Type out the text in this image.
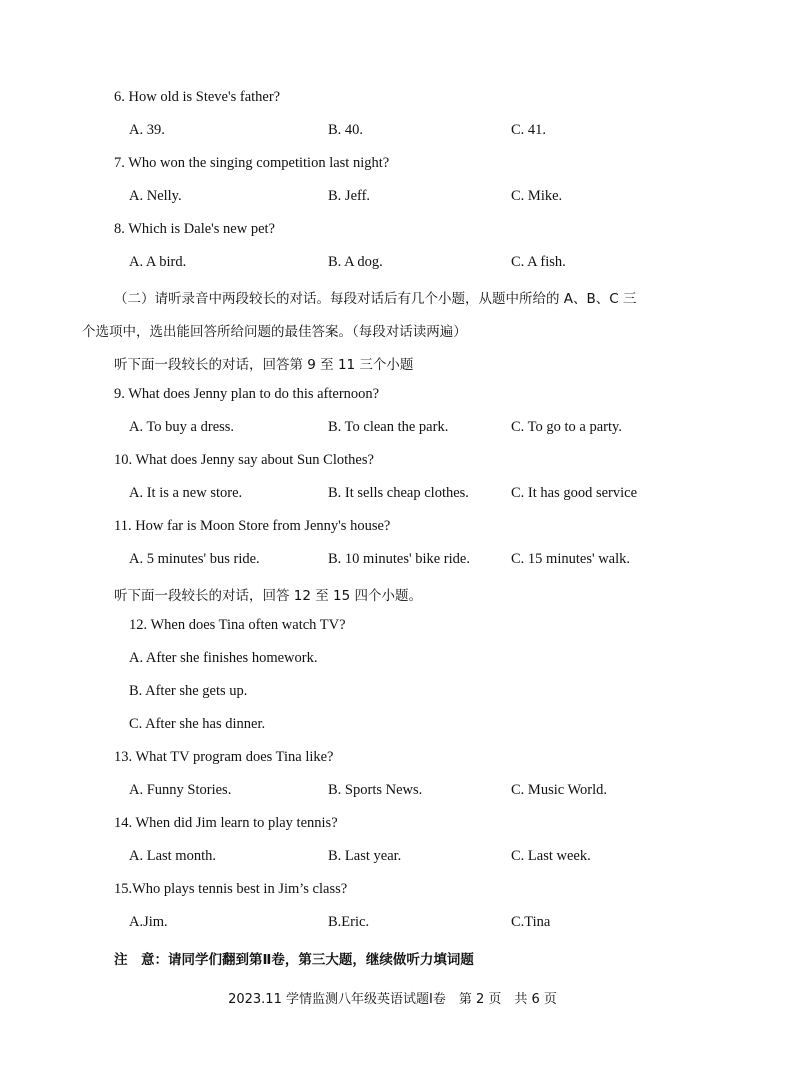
6. How old is Steve's father?
A. 39.	B. 40.	C. 41.
7. Who won the singing competition last night?
A. Nelly.	B. Jeff.	C. Mike.
8. Which is Dale's new pet?
A. A bird.	B. A dog.	C. A fish.
（二）请听录音中两段较长的对话。每段对话后有几个小题，从题中所给的 A、B、C 三
个选项中，选出能回答所给问题的最佳答案。（每段对话读两遍）
听下面一段较长的对话，回答第 9 至 11 三个小题
9. What does Jenny plan to do this afternoon?
A. To buy a dress.	B. To clean the park.	C. To go to a party.
10. What does Jenny say about Sun Clothes?
A. It is a new store.	B. It sells cheap clothes.	C. It has good service
11. How far is Moon Store from Jenny's house?
A. 5 minutes' bus ride.	B. 10 minutes' bike ride.	C. 15 minutes' walk.
听下面一段较长的对话，回答 12 至 15 四个小题。
12. When does Tina often watch TV?
A. After she finishes homework.
B. After she gets up.
C. After she has dinner.
13. What TV program does Tina like?
A. Funny Stories.	B. Sports News.	C. Music World.
14. When did Jim learn to play tennis?
A. Last month.	B. Last year.	C. Last week.
15.Who plays tennis best in Jim’s class?
A.Jim.	B.Eric.	C.Tina
注　意：请同学们翻到第Ⅱ卷，第三大题，继续做听力填词题
2023.11 学情监测八年级英语试题Ⅰ卷　第 2 页　共 6 页
